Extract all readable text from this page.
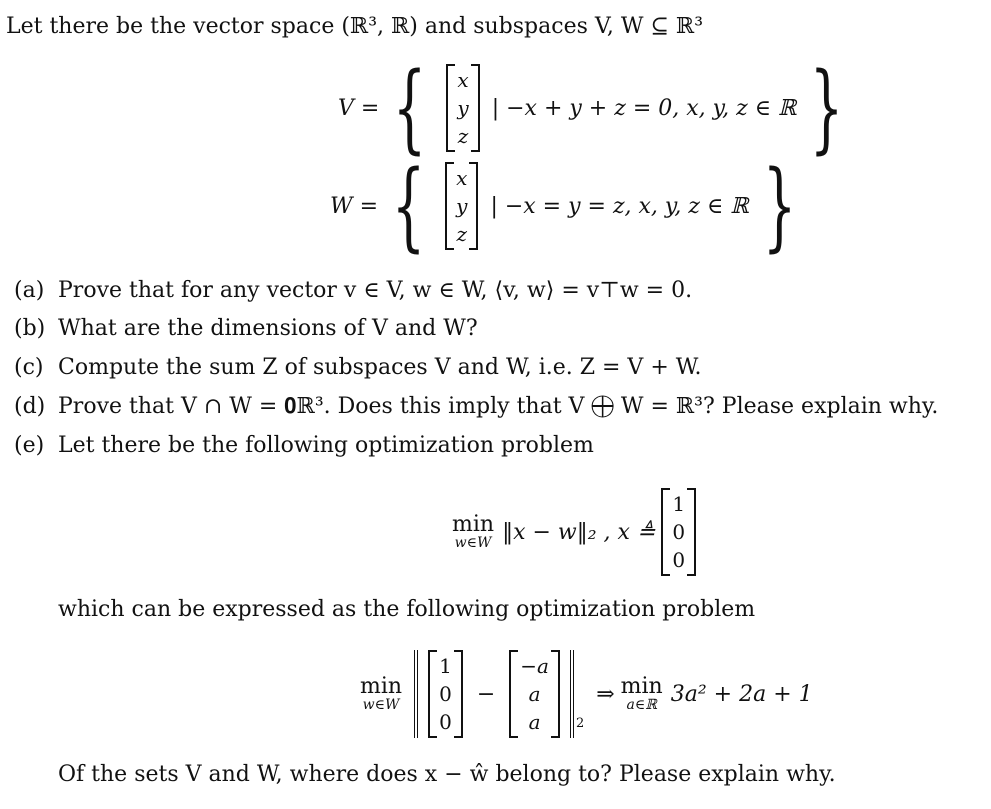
Let there be the vector space (ℝ³, ℝ) and subspaces V, W ⊆ ℝ³
V = { x
y
z
| −x + y + z = 0, x, y, z ∈ ℝ }
W = { x
y
z
| −x = y = z, x, y, z ∈ ℝ }
(a) Prove that for any vector v ∈ V, w ∈ W, ⟨v, w⟩ = v⊤w = 0.
(b) What are the dimensions of V and W?
(c) Compute the sum Z of subspaces V and W, i.e. Z = V + W.
(d) Prove that V ∩ W = 𝟎ℝ³. Does this imply that V ⨁ W = ℝ³? Please explain why.
(e) Let there be the following optimization problem
min
w∈W ‖x − w‖₂ , x ≜
1
0
0
which can be expressed as the following optimization problem
min
w∈W
1
0
0
−
−a
a
a	2
⇒ min
a∈ℝ 3a² + 2a + 1
Of the sets V and W, where does x − ŵ belong to? Please explain why.
